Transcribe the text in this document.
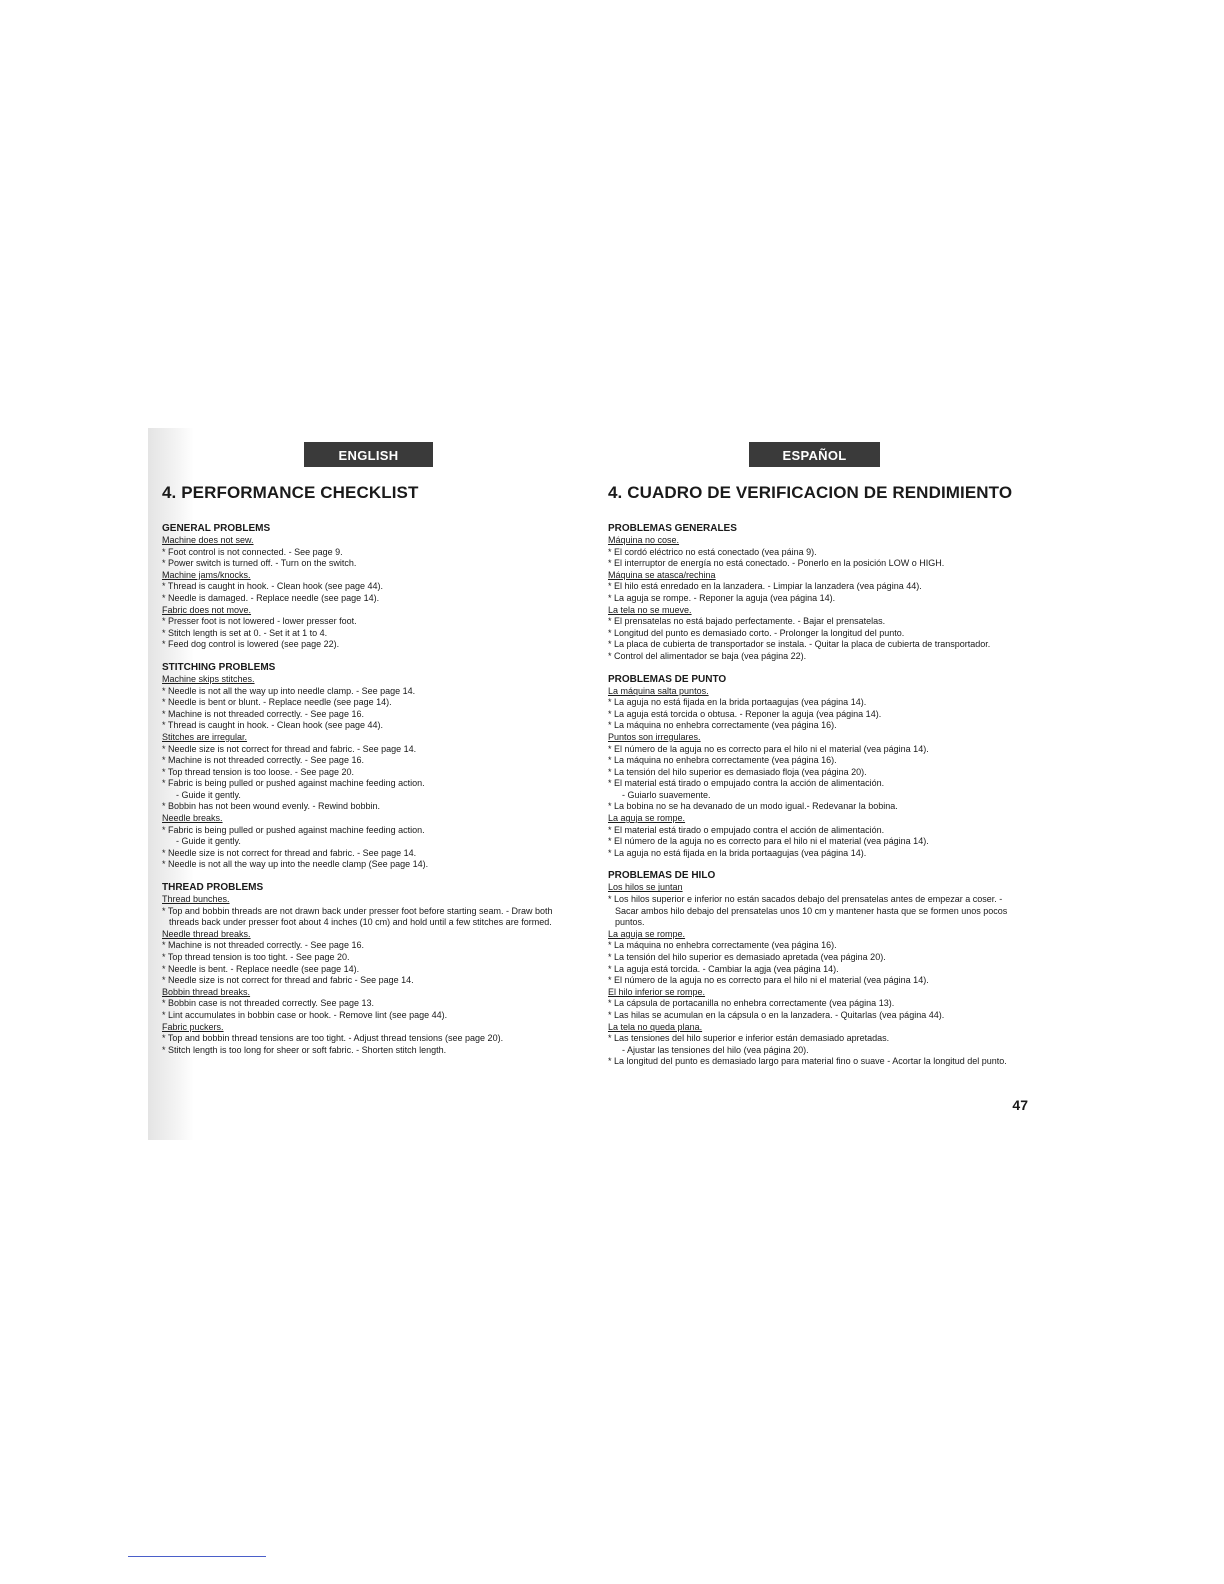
ENGLISH
4. PERFORMANCE CHECKLIST
GENERAL PROBLEMS
Machine does not sew.
* Foot control is not connected. - See page 9.
* Power switch is turned off. - Turn on the switch.
Machine jams/knocks.
* Thread is caught in hook. - Clean hook (see page 44).
* Needle is damaged. - Replace needle (see page 14).
Fabric does not move.
* Presser foot is not lowered - lower presser foot.
* Stitch length is set at 0. - Set it at 1 to 4.
* Feed dog control is lowered (see page 22).
STITCHING PROBLEMS
Machine skips stitches.
* Needle is not all the way up into needle clamp. - See page 14.
* Needle is bent or blunt. - Replace needle (see page 14).
* Machine is not threaded correctly. - See page 16.
* Thread is caught in hook. - Clean hook (see page 44).
Stitches are irregular.
* Needle size is not correct for thread and fabric. - See page 14.
* Machine is not threaded correctly. - See page 16.
* Top thread tension is too loose. - See page 20.
* Fabric is being pulled or pushed against machine feeding action.
- Guide it gently.
* Bobbin has not been wound evenly. - Rewind bobbin.
Needle breaks.
* Fabric is being pulled or pushed against machine feeding action.
- Guide it gently.
* Needle size is not correct for thread and fabric. - See page 14.
* Needle is not all the way up into the needle clamp (See page 14).
THREAD PROBLEMS
Thread bunches.
* Top and bobbin threads are not drawn back under presser foot before starting seam. - Draw both threads back under presser foot about 4 inches (10 cm) and hold until a few stitches are formed.
Needle thread breaks.
* Machine is not threaded correctly. - See page 16.
* Top thread tension is too tight. - See page 20.
* Needle is bent. - Replace needle (see page 14).
* Needle size is not correct for thread and fabric - See page 14.
Bobbin thread breaks.
* Bobbin case is not threaded correctly. See page 13.
* Lint accumulates in bobbin case or hook. - Remove lint (see page 44).
Fabric puckers.
* Top and bobbin thread tensions are too tight. - Adjust thread tensions (see page 20).
* Stitch length is too long for sheer or soft fabric. - Shorten stitch length.
ESPAÑOL
4. CUADRO DE VERIFICACION DE RENDIMIENTO
PROBLEMAS GENERALES
Máquina no cose.
* El cordó eléctrico no está conectado (vea páina 9).
* El interruptor de energía no está conectado. - Ponerlo en la posición LOW o HIGH.
Máquina se atasca/rechina
* El hilo está enredado en la lanzadera. - Limpiar la lanzadera (vea página 44).
* La aguja se rompe. - Reponer la aguja (vea página 14).
La tela no se mueve.
* El prensatelas no está bajado perfectamente. - Bajar el prensatelas.
* Longitud del punto es demasiado corto. - Prolonger la longitud del punto.
* La placa de cubierta de transportador se instala. - Quitar la placa de cubierta de transportador.
* Control del alimentador se baja (vea página 22).
PROBLEMAS DE PUNTO
La máquina salta puntos.
* La aguja no está fijada en la brida portaagujas (vea página 14).
* La aguja está torcida o obtusa. - Reponer la aguja (vea página 14).
* La máquina no enhebra correctamente (vea página 16).
Puntos son irregulares.
* El número de la aguja no es correcto para el hilo ni el material (vea página 14).
* La máquina no enhebra correctamente (vea página 16).
* La tensión del hilo superior es demasiado floja (vea página 20).
* El material está tirado o empujado contra la acción de alimentación.
- Guiarlo suavemente.
* La bobina no se ha devanado de un modo igual.- Redevanar la bobina.
La aguja se rompe.
* El material está tirado o empujado contra el acción de alimentación.
* El número de la aguja no es correcto para el hilo ni el material (vea página 14).
* La aguja no está fijada en la brida portaagujas (vea página 14).
PROBLEMAS DE HILO
Los hilos se juntan
* Los hilos superior e inferior no están sacados debajo del prensatelas antes de empezar a coser. - Sacar ambos hilo debajo del prensatelas unos 10 cm y mantener hasta que se formen unos pocos puntos.
La aguja se rompe.
* La máquina no enhebra correctamente (vea página 16).
* La tensión del hilo superior es demasiado apretada (vea página 20).
* La aguja está torcida. - Cambiar la agja (vea página 14).
* El número de la aguja no es correcto para el hilo ni el material (vea página 14).
El hilo inferior se rompe.
* La cápsula de portacanilla no enhebra correctamente (vea página 13).
* Las hilas se acumulan en la cápsula o en la lanzadera. - Quitarlas (vea página 44).
La tela no queda plana.
* Las tensiones del hilo superior e inferior están demasiado apretadas.
- Ajustar las tensiones del hilo (vea página 20).
* La longitud del punto es demasiado largo para material fino o suave - Acortar la longitud del punto.
47
